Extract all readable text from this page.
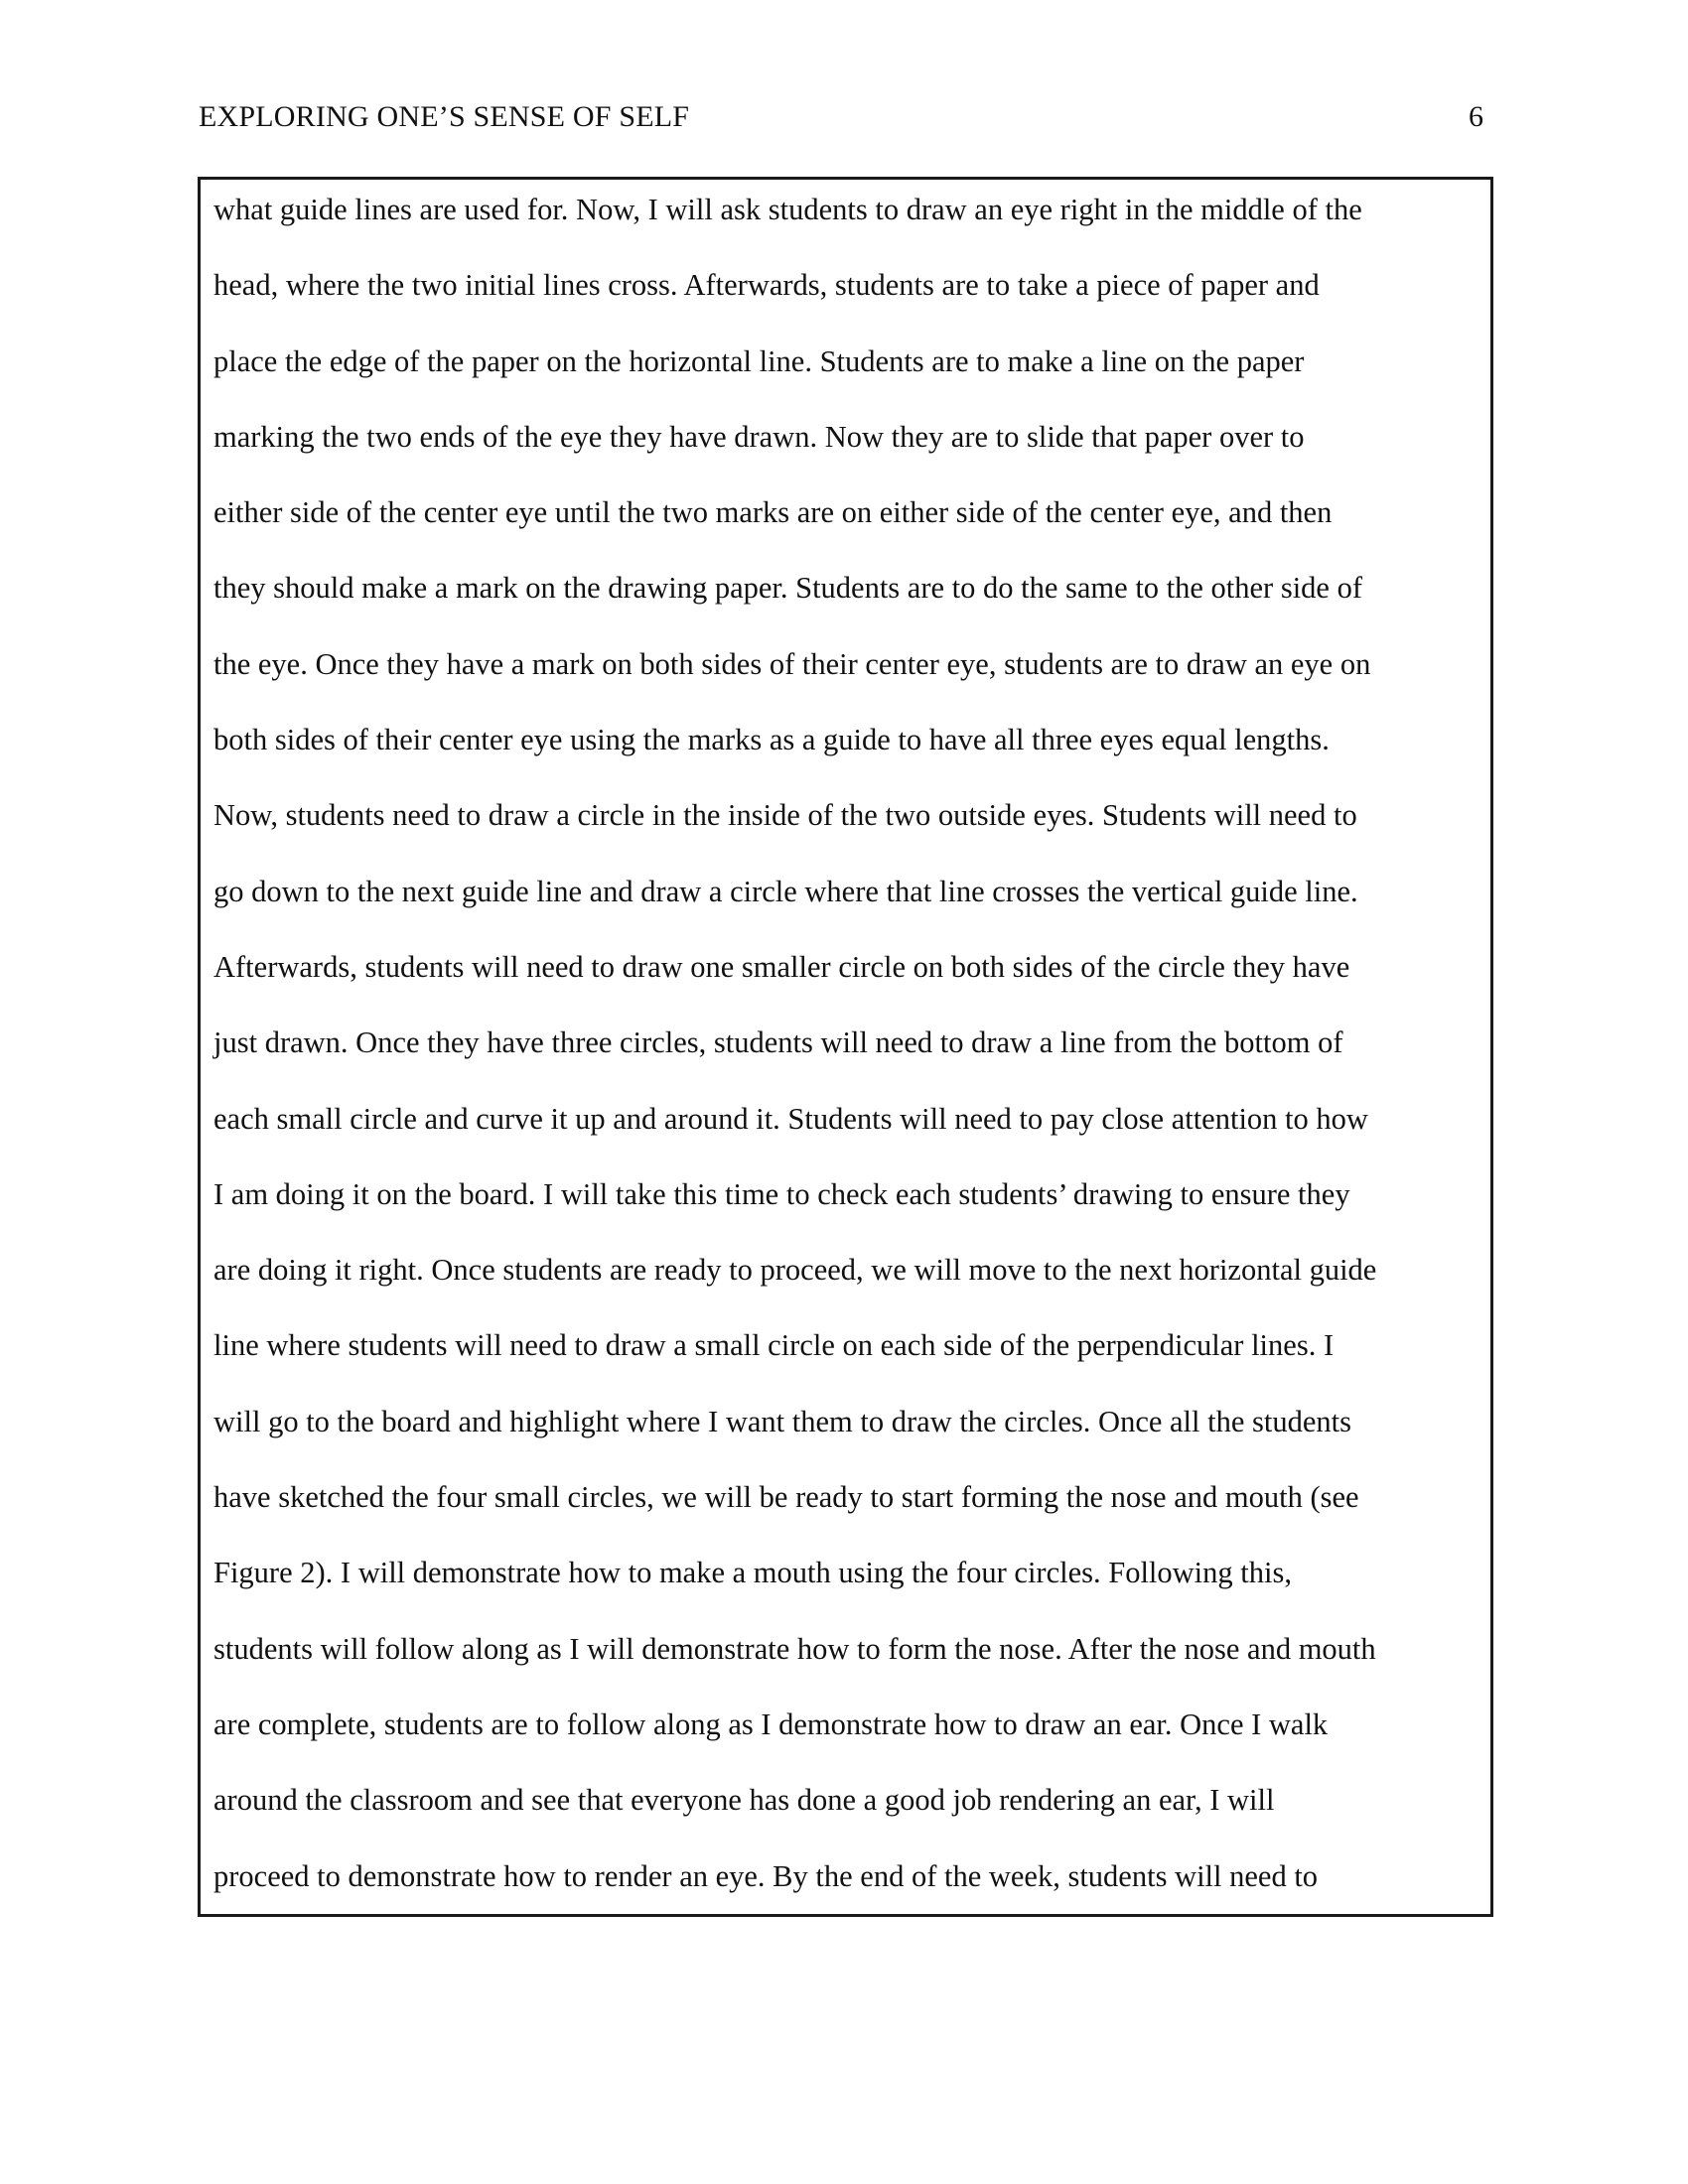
EXPLORING ONE’S SENSE OF SELF	6
what guide lines are used for. Now, I will ask students to draw an eye right in the middle of the
head, where the two initial lines cross. Afterwards, students are to take a piece of paper and
place the edge of the paper on the horizontal line. Students are to make a line on the paper
marking the two ends of the eye they have drawn. Now they are to slide that paper over to
either side of the center eye until the two marks are on either side of the center eye, and then
they should make a mark on the drawing paper. Students are to do the same to the other side of
the eye. Once they have a mark on both sides of their center eye, students are to draw an eye on
both sides of their center eye using the marks as a guide to have all three eyes equal lengths.
Now, students need to draw a circle in the inside of the two outside eyes. Students will need to
go down to the next guide line and draw a circle where that line crosses the vertical guide line.
Afterwards, students will need to draw one smaller circle on both sides of the circle they have
just drawn. Once they have three circles, students will need to draw a line from the bottom of
each small circle and curve it up and around it. Students will need to pay close attention to how
I am doing it on the board. I will take this time to check each students’ drawing to ensure they
are doing it right. Once students are ready to proceed, we will move to the next horizontal guide
line where students will need to draw a small circle on each side of the perpendicular lines. I
will go to the board and highlight where I want them to draw the circles. Once all the students
have sketched the four small circles, we will be ready to start forming the nose and mouth (see
Figure 2). I will demonstrate how to make a mouth using the four circles. Following this,
students will follow along as I will demonstrate how to form the nose. After the nose and mouth
are complete, students are to follow along as I demonstrate how to draw an ear. Once I walk
around the classroom and see that everyone has done a good job rendering an ear, I will
proceed to demonstrate how to render an eye. By the end of the week, students will need to
